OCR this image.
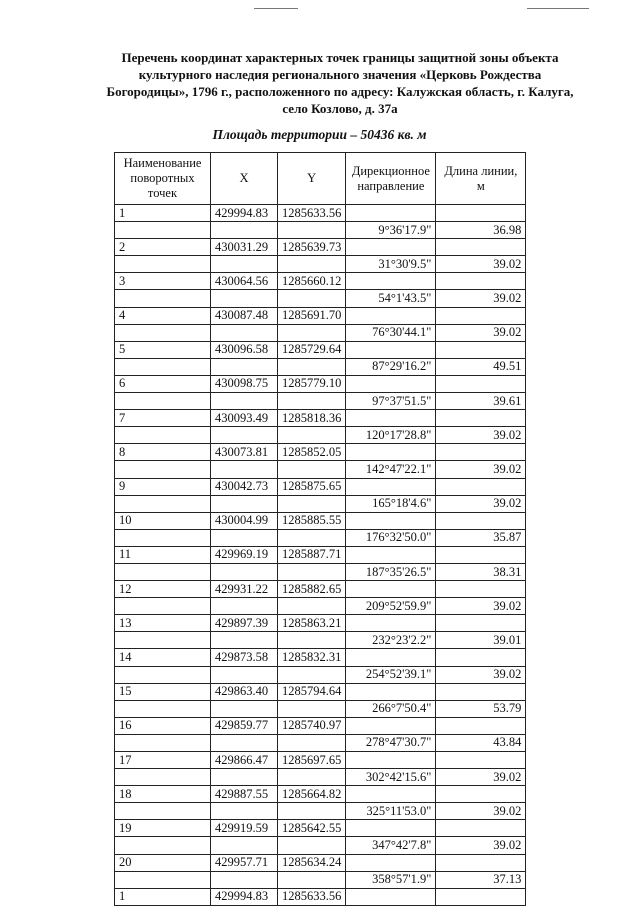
Перечень координат характерных точек границы защитной зоны объекта
культурного наследия регионального значения «Церковь Рождества
Богородицы», 1796 г., расположенного по адресу: Калужская область, г. Калуга,
село Козлово, д. 37а
Площадь территории – 50436 кв. м
Наименование поворотных точек	X	Y	Дирекционное направление	Длина линии, м
1	429994.83	1285633.56		
			9°36'17.9"	36.98
2	430031.29	1285639.73		
			31°30'9.5"	39.02
3	430064.56	1285660.12		
			54°1'43.5"	39.02
4	430087.48	1285691.70		
			76°30'44.1"	39.02
5	430096.58	1285729.64		
			87°29'16.2"	49.51
6	430098.75	1285779.10		
			97°37'51.5"	39.61
7	430093.49	1285818.36		
			120°17'28.8"	39.02
8	430073.81	1285852.05		
			142°47'22.1"	39.02
9	430042.73	1285875.65		
			165°18'4.6"	39.02
10	430004.99	1285885.55		
			176°32'50.0"	35.87
11	429969.19	1285887.71		
			187°35'26.5"	38.31
12	429931.22	1285882.65		
			209°52'59.9"	39.02
13	429897.39	1285863.21		
			232°23'2.2"	39.01
14	429873.58	1285832.31		
			254°52'39.1"	39.02
15	429863.40	1285794.64		
			266°7'50.4"	53.79
16	429859.77	1285740.97		
			278°47'30.7"	43.84
17	429866.47	1285697.65		
			302°42'15.6"	39.02
18	429887.55	1285664.82		
			325°11'53.0"	39.02
19	429919.59	1285642.55		
			347°42'7.8"	39.02
20	429957.71	1285634.24		
			358°57'1.9"	37.13
1	429994.83	1285633.56		
